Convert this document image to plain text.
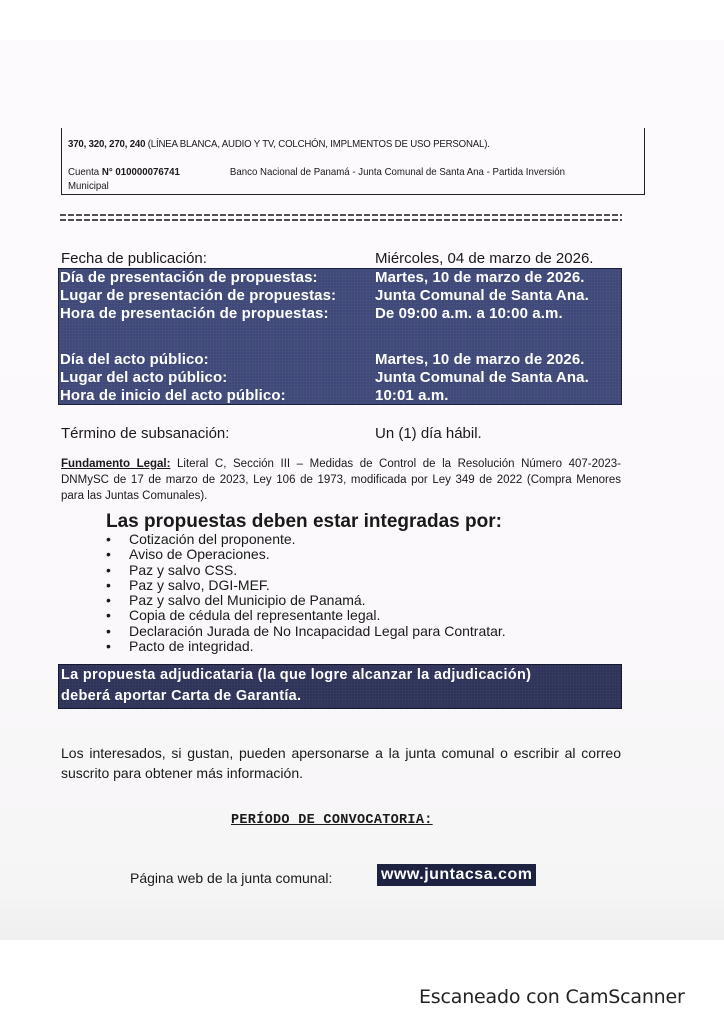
370, 320, 270, 240 (LÍNEA BLANCA, AUDIO Y TV, COLCHÓN, IMPLMENTOS DE USO PERSONAL).
Cuenta N° 010000076741	Banco Nacional de Panamá - Junta Comunal de Santa Ana - Partida Inversión
Municipal
Fecha de publicación:	Miércoles, 04 de marzo de 2026.
Día de presentación de propuestas:	Martes, 10 de marzo de 2026.
Lugar de presentación de propuestas:	Junta Comunal de Santa Ana.
Hora de presentación de propuestas:	De 09:00 a.m. a 10:00 a.m.
Día del acto público:	Martes, 10 de marzo de 2026.
Lugar del acto público:	Junta Comunal de Santa Ana.
Hora de inicio del acto público:	10:01 a.m.
Término de subsanación:	Un (1) día hábil.
Fundamento Legal: Literal C, Sección III – Medidas de Control de la Resolución Número 407-2023-DNMySC de 17 de marzo de 2023, Ley 106 de 1973, modificada por Ley 349 de 2022 (Compra Menores para las Juntas Comunales).
Las propuestas deben estar integradas por:
• Cotización del proponente.
• Aviso de Operaciones.
• Paz y salvo CSS.
• Paz y salvo, DGI-MEF.
• Paz y salvo del Municipio de Panamá.
• Copia de cédula del representante legal.
• Declaración Jurada de No Incapacidad Legal para Contratar.
• Pacto de integridad.
La propuesta adjudicataria (la que logre alcanzar la adjudicación)
deberá aportar Carta de Garantía.
Los interesados, si gustan, pueden apersonarse a la junta comunal o escribir al correo suscrito para obtener más información.
PERÍODO DE CONVOCATORIA:
Página web de la junta comunal:	www.juntacsa.com
Escaneado con CamScanner
